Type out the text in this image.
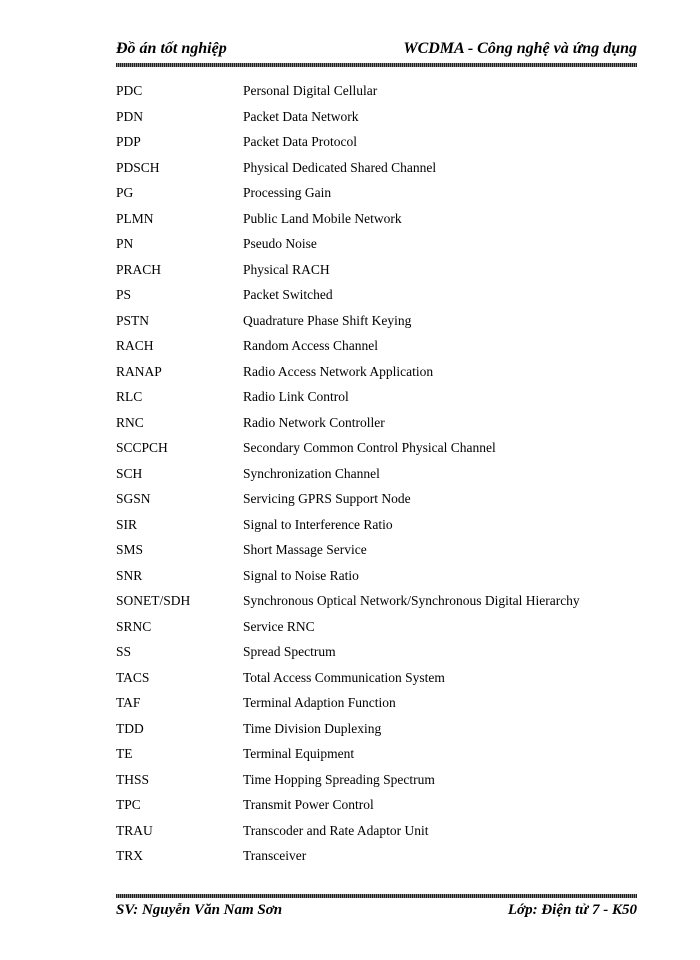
Đồ án tốt nghiệp	WCDMA - Công nghệ và ứng dụng
PDC	Personal Digital Cellular
PDN	Packet Data Network
PDP	Packet Data Protocol
PDSCH	Physical Dedicated Shared Channel
PG	Processing Gain
PLMN	Public Land Mobile Network
PN	Pseudo Noise
PRACH	Physical RACH
PS	Packet Switched
PSTN	Quadrature Phase Shift Keying
RACH	Random Access Channel
RANAP	Radio Access Network Application
RLC	Radio Link Control
RNC	Radio Network Controller
SCCPCH	Secondary Common Control Physical Channel
SCH	Synchronization Channel
SGSN	Servicing GPRS Support Node
SIR	Signal to Interference Ratio
SMS	Short Massage Service
SNR	Signal to Noise Ratio
SONET/SDH	Synchronous Optical Network/Synchronous Digital Hierarchy
SRNC	Service RNC
SS	Spread Spectrum
TACS	Total Access Communication System
TAF	Terminal Adaption Function
TDD	Time Division Duplexing
TE	Terminal Equipment
THSS	Time Hopping Spreading Spectrum
TPC	Transmit Power Control
TRAU	Transcoder and Rate Adaptor Unit
TRX	Transceiver
SV: Nguyễn Văn Nam Sơn	Lớp: Điện tử 7 - K50
